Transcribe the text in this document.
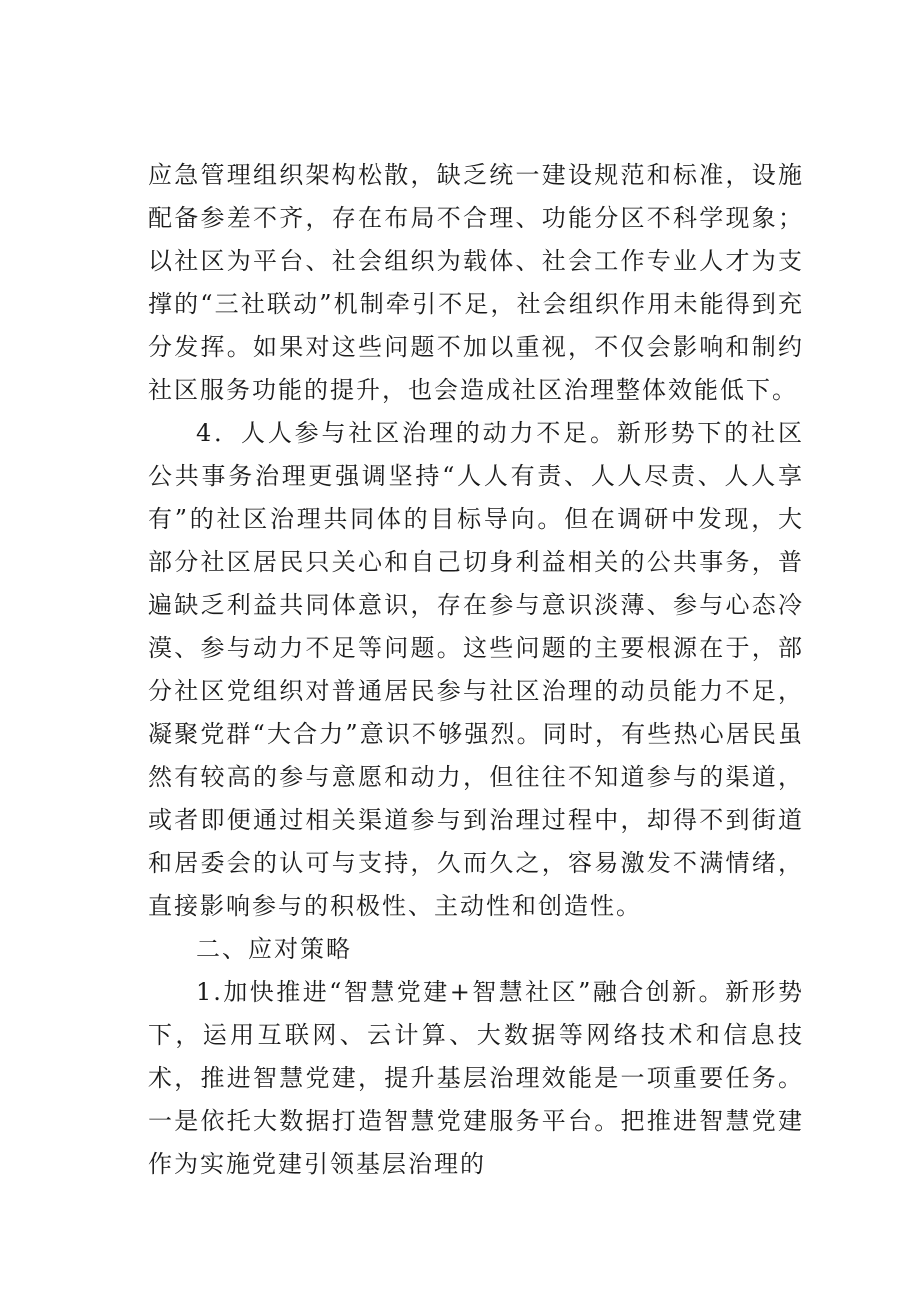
应急管理组织架构松散，缺乏统一建设规范和标准，设施配备参差不齐，存在布局不合理、功能分区不科学现象；以社区为平台、社会组织为载体、社会工作专业人才为支撑的“三社联动”机制牵引不足，社会组织作用未能得到充分发挥。如果对这些问题不加以重视，不仅会影响和制约社区服务功能的提升，也会造成社区治理整体效能低下。

4．人人参与社区治理的动力不足。新形势下的社区公共事务治理更强调坚持“人人有责、人人尽责、人人享有”的社区治理共同体的目标导向。但在调研中发现，大部分社区居民只关心和自己切身利益相关的公共事务，普遍缺乏利益共同体意识，存在参与意识淡薄、参与心态冷漠、参与动力不足等问题。这些问题的主要根源在于，部分社区党组织对普通居民参与社区治理的动员能力不足，凝聚党群“大合力”意识不够强烈。同时，有些热心居民虽然有较高的参与意愿和动力，但往往不知道参与的渠道，或者即便通过相关渠道参与到治理过程中，却得不到街道和居委会的认可与支持，久而久之，容易激发不满情绪，直接影响参与的积极性、主动性和创造性。

二、应对策略

1.加快推进“智慧党建+智慧社区”融合创新。新形势下，运用互联网、云计算、大数据等网络技术和信息技术，推进智慧党建，提升基层治理效能是一项重要任务。一是依托大数据打造智慧党建服务平台。把推进智慧党建作为实施党建引领基层治理的
